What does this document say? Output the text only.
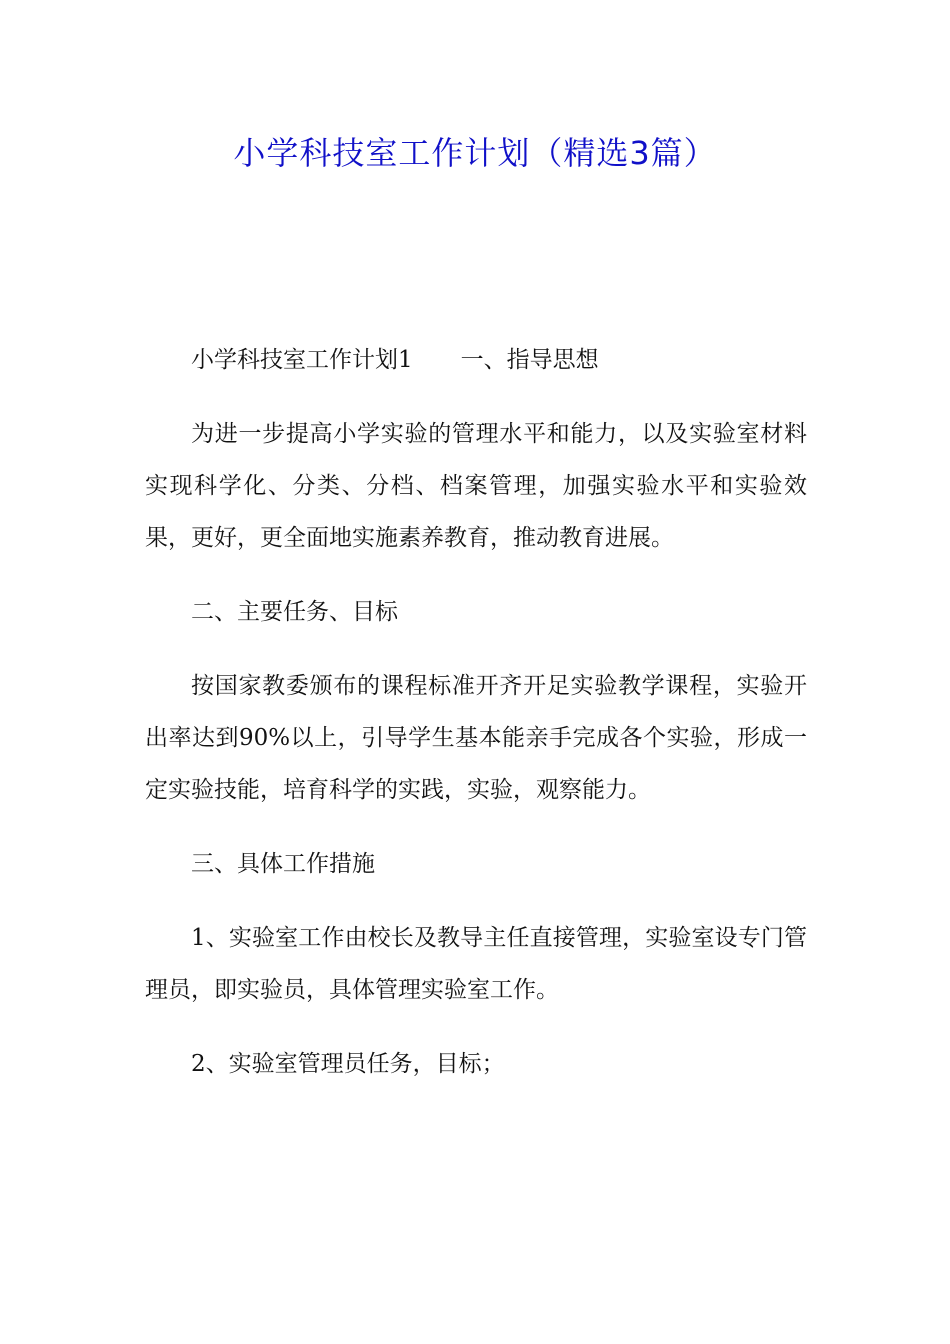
小学科技室工作计划（精选3篇）

小学科技室工作计划1 一、指导思想

为进一步提高小学实验的管理水平和能力，以及实验室材料实现科学化、分类、分档、档案管理，加强实验水平和实验效果，更好，更全面地实施素养教育，推动教育进展。

二、主要任务、目标

按国家教委颁布的课程标准开齐开足实验教学课程，实验开出率达到90%以上，引导学生基本能亲手完成各个实验，形成一定实验技能，培育科学的实践，实验，观察能力。

三、具体工作措施

1、实验室工作由校长及教导主任直接管理，实验室设专门管理员，即实验员，具体管理实验室工作。

2、实验室管理员任务，目标；
